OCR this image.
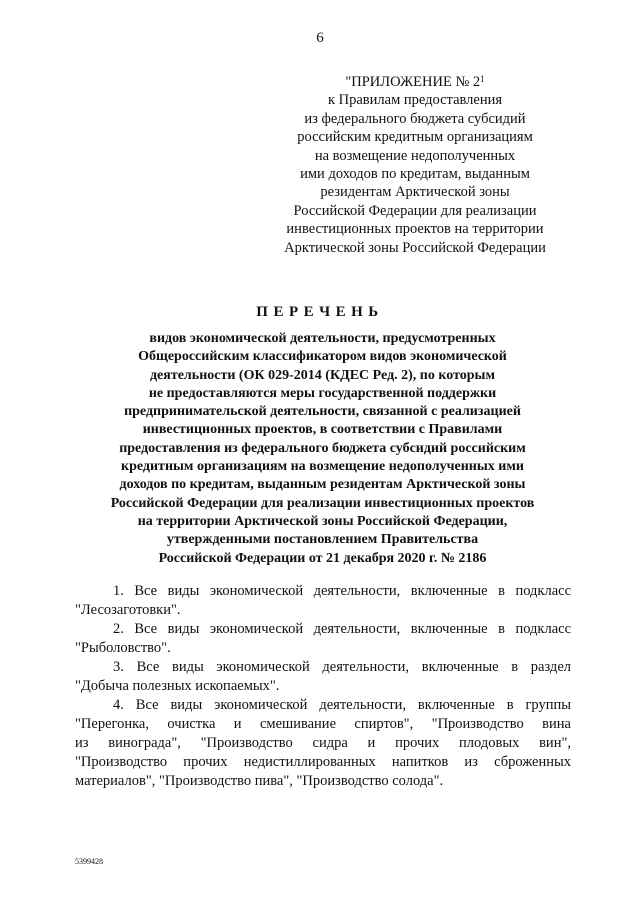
6
"ПРИЛОЖЕНИЕ № $2^1$
к Правилам предоставления
из федерального бюджета субсидий
российским кредитным организациям
на возмещение недополученных
ими доходов по кредитам, выданным
резидентам Арктической зоны
Российской Федерации для реализации
инвестиционных проектов на территории
Арктической зоны Российской Федерации
ПЕРЕЧЕНЬ
видов экономической деятельности, предусмотренных
Общероссийским классификатором видов экономической
деятельности (ОК 029-2014 (КДЕС Ред. 2), по которым
не предоставляются меры государственной поддержки
предпринимательской деятельности, связанной с реализацией
инвестиционных проектов, в соответствии с Правилами
предоставления из федерального бюджета субсидий российским
кредитным организациям на возмещение недополученных ими
доходов по кредитам, выданным резидентам Арктической зоны
Российской Федерации для реализации инвестиционных проектов
на территории Арктической зоны Российской Федерации,
утвержденными постановлением Правительства
Российской Федерации от 21 декабря 2020 г. № 2186
1. Все виды экономической деятельности, включенные в подкласс
"Лесозаготовки".
2. Все виды экономической деятельности, включенные в подкласс
"Рыболовство".
3. Все виды экономической деятельности, включенные в раздел
"Добыча полезных ископаемых".
4. Все виды экономической деятельности, включенные в группы
"Перегонка, очистка и смешивание спиртов", "Производство вина
из винограда", "Производство сидра и прочих плодовых вин",
"Производство прочих недистиллированных напитков из сброженных
материалов", "Производство пива", "Производство солода".
5399428
